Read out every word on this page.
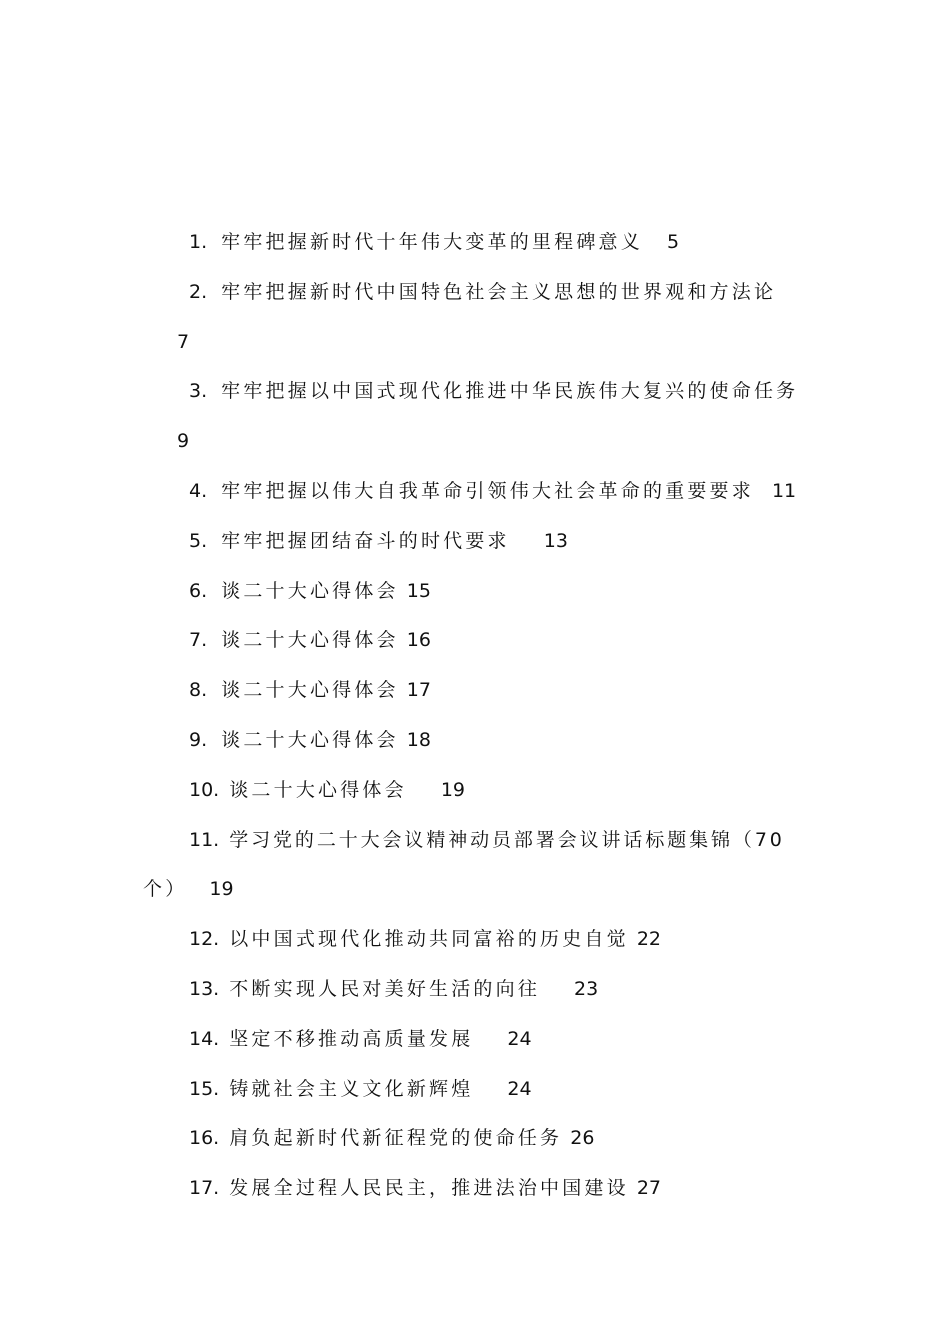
1. 牢牢把握新时代十年伟大变革的里程碑意义 5
2. 牢牢把握新时代中国特色社会主义思想的世界观和方法论
7
3. 牢牢把握以中国式现代化推进中华民族伟大复兴的使命任务
9
4. 牢牢把握以伟大自我革命引领伟大社会革命的重要要求 11
5. 牢牢把握团结奋斗的时代要求 13
6. 谈二十大心得体会 15
7. 谈二十大心得体会 16
8. 谈二十大心得体会 17
9. 谈二十大心得体会 18
10. 谈二十大心得体会 19
11. 学习党的二十大会议精神动员部署会议讲话标题集锦（70
个） 19
12. 以中国式现代化推动共同富裕的历史自觉 22
13. 不断实现人民对美好生活的向往 23
14. 坚定不移推动高质量发展 24
15. 铸就社会主义文化新辉煌 24
16. 肩负起新时代新征程党的使命任务 26
17. 发展全过程人民民主，推进法治中国建设 27
